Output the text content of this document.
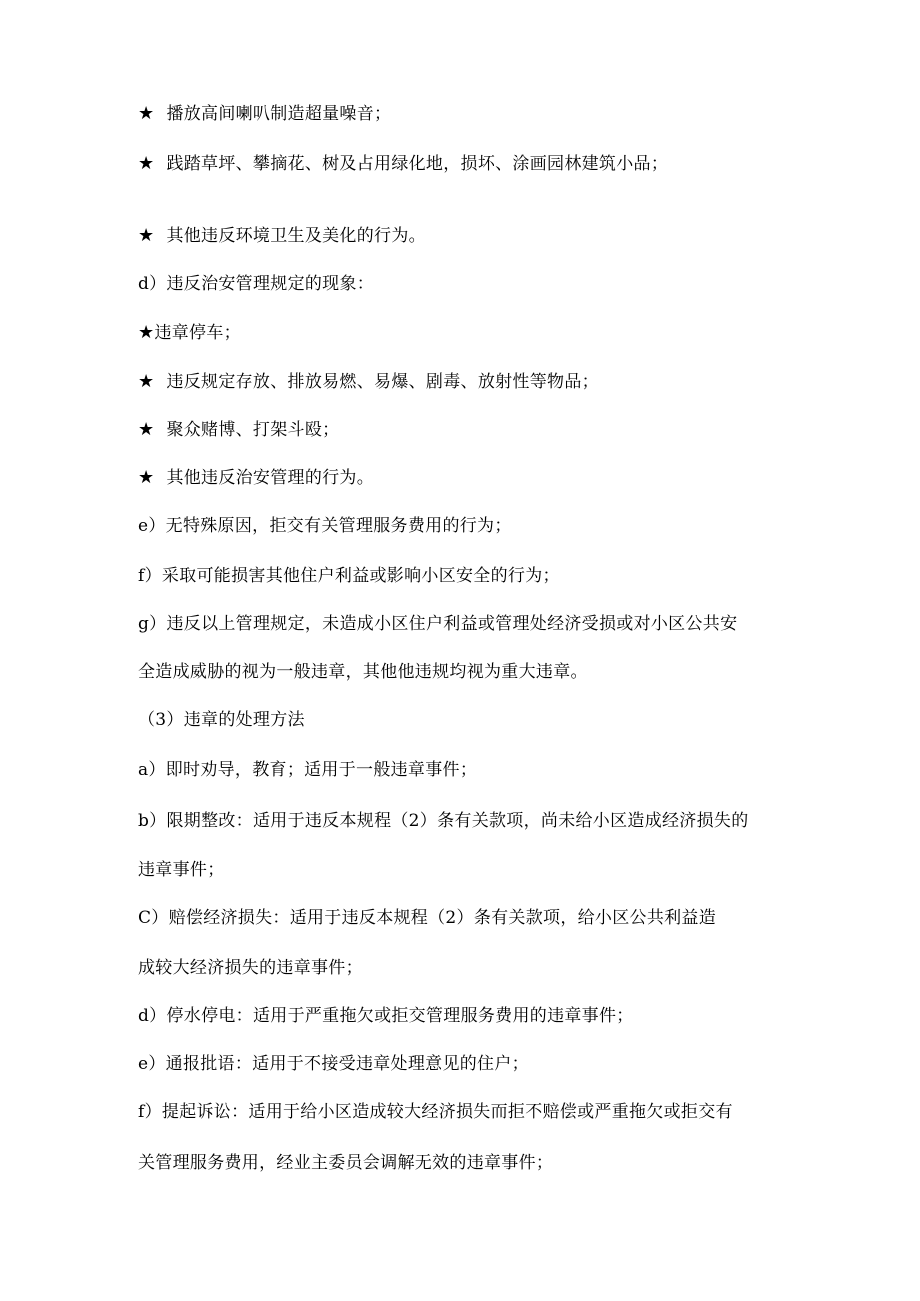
★ 播放高间喇叭制造超量噪音；
★ 践踏草坪、攀摘花、树及占用绿化地，损坏、涂画园林建筑小品；
★ 其他违反环境卫生及美化的行为。
d）违反治安管理规定的现象：
★违章停车；
★ 违反规定存放、排放易燃、易爆、剧毒、放射性等物品；
★ 聚众赌博、打架斗殴；
★ 其他违反治安管理的行为。
e）无特殊原因，拒交有关管理服务费用的行为；
f）采取可能损害其他住户利益或影响小区安全的行为；
g）违反以上管理规定，未造成小区住户利益或管理处经济受损或对小区公共安
全造成威胁的视为一般违章，其他他违规均视为重大违章。
（3）违章的处理方法
a）即时劝导，教育；适用于一般违章事件；
b）限期整改：适用于违反本规程（2）条有关款项，尚未给小区造成经济损失的
违章事件；
C）赔偿经济损失：适用于违反本规程（2）条有关款项，给小区公共利益造
成较大经济损失的违章事件；
d）停水停电：适用于严重拖欠或拒交管理服务费用的违章事件；
e）通报批语：适用于不接受违章处理意见的住户；
f）提起诉讼：适用于给小区造成较大经济损失而拒不赔偿或严重拖欠或拒交有
关管理服务费用，经业主委员会调解无效的违章事件；
